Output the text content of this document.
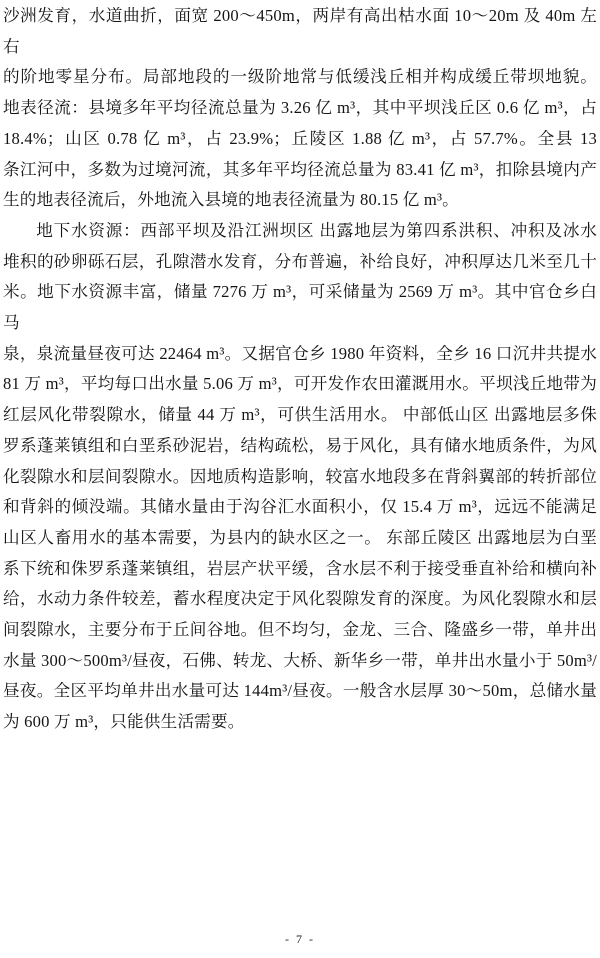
沙洲发育，水道曲折，面宽 200～450m，两岸有高出枯水面 10～20m 及 40m 左右
的阶地零星分布。局部地段的一级阶地常与低缓浅丘相并构成缓丘带坝地貌。
地表径流：县境多年平均径流总量为 3.26 亿 m³，其中平坝浅丘区 0.6 亿 m³，占
18.4%；山区 0.78 亿 m³，占 23.9%；丘陵区 1.88 亿 m³，占 57.7%。全县 13
条江河中，多数为过境河流，其多年平均径流总量为 83.41 亿 m³，扣除县境内产
生的地表径流后，外地流入县境的地表径流量为 80.15 亿 m³。
地下水资源：西部平坝及沿江洲坝区 出露地层为第四系洪积、冲积及冰水
堆积的砂卵砾石层，孔隙潜水发育，分布普遍，补给良好，冲积厚达几米至几十
米。地下水资源丰富，储量 7276 万 m³，可采储量为 2569 万 m³。其中官仓乡白马
泉，泉流量昼夜可达 22464 m³。又据官仓乡 1980 年资料，全乡 16 口沉井共提水
81 万 m³，平均每口出水量 5.06 万 m³，可开发作农田灌溉用水。平坝浅丘地带为
红层风化带裂隙水，储量 44 万 m³，可供生活用水。 中部低山区 出露地层多侏
罗系蓬莱镇组和白垩系砂泥岩，结构疏松，易于风化，具有储水地质条件，为风
化裂隙水和层间裂隙水。因地质构造影响，较富水地段多在背斜翼部的转折部位
和背斜的倾没端。其储水量由于沟谷汇水面积小，仅 15.4 万 m³，远远不能满足
山区人畜用水的基本需要，为县内的缺水区之一。 东部丘陵区 出露地层为白垩
系下统和侏罗系蓬莱镇组，岩层产状平缓，含水层不利于接受垂直补给和横向补
给，水动力条件较差，蓄水程度决定于风化裂隙发育的深度。为风化裂隙水和层
间裂隙水，主要分布于丘间谷地。但不均匀，金龙、三合、隆盛乡一带，单井出
水量 300～500m³/昼夜，石佛、转龙、大桥、新华乡一带，单井出水量小于 50m³/
昼夜。全区平均单井出水量可达 144m³/昼夜。一般含水层厚 30～50m，总储水量
为 600 万 m³，只能供生活需要。
- 7 -
